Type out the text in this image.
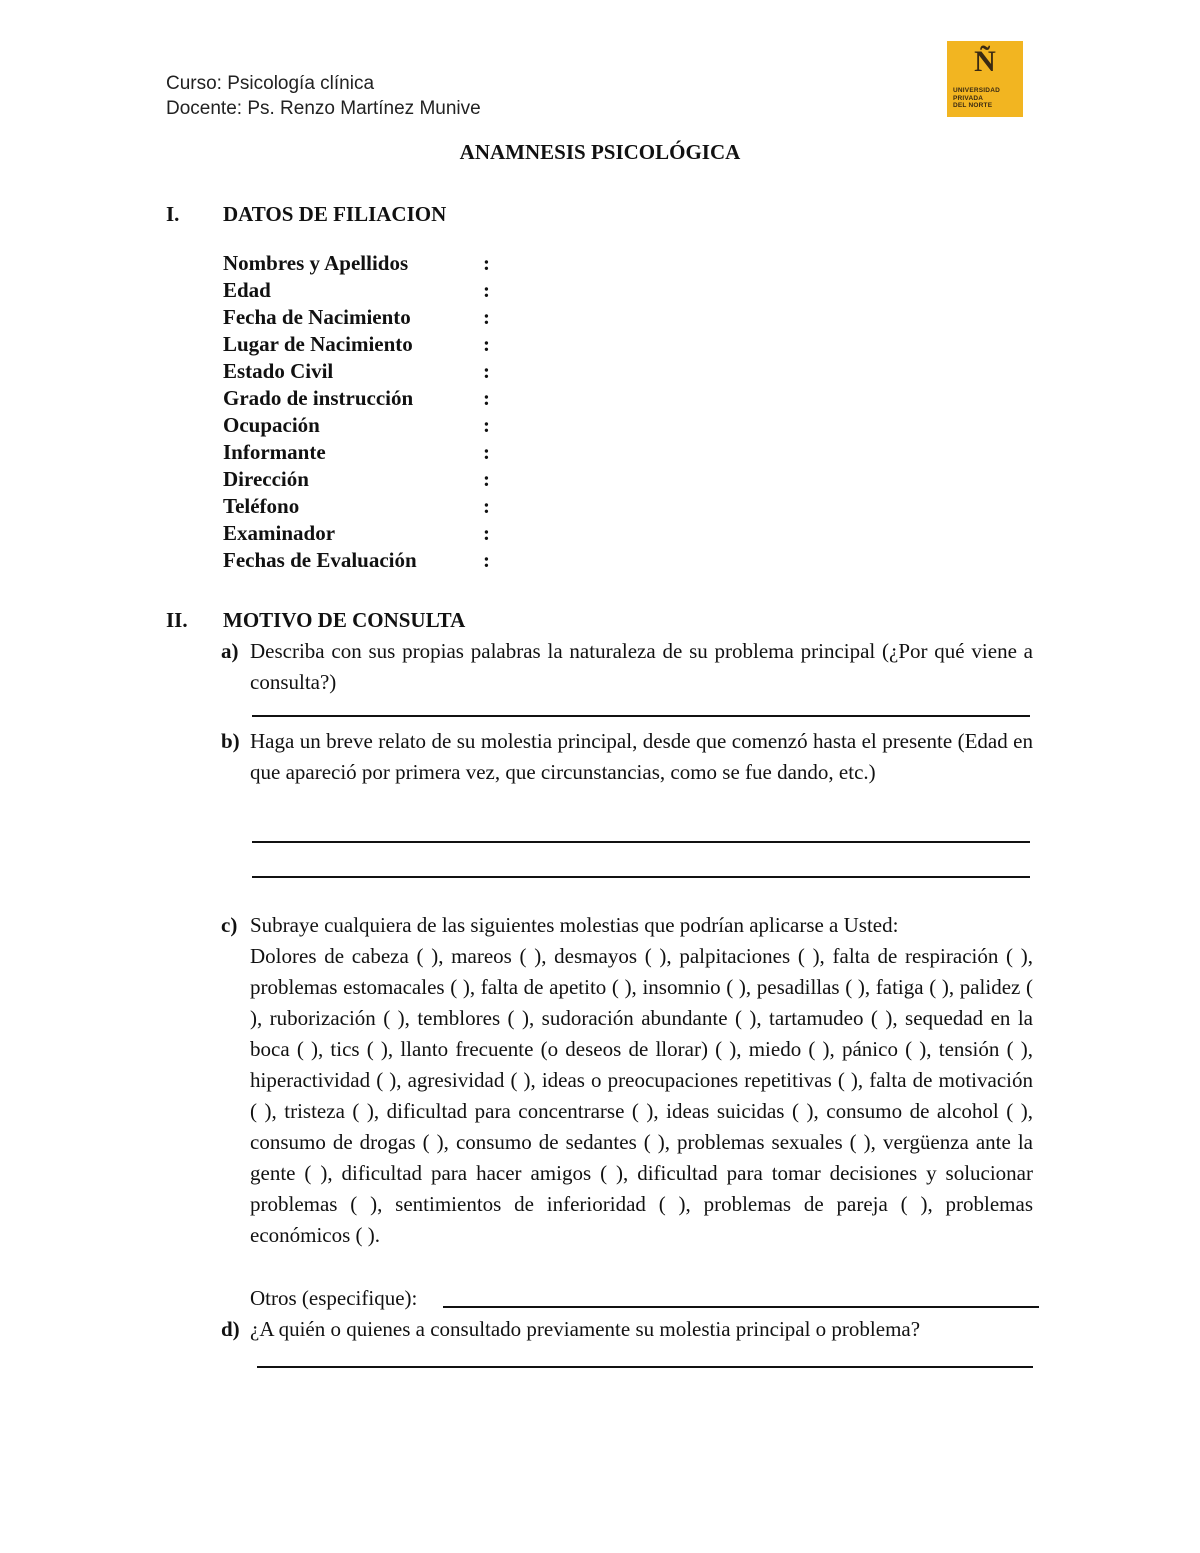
Curso: Psicología clínica
Docente: Ps. Renzo Martínez Munive
Ñ
UNIVERSIDAD
PRIVADA
DEL NORTE
ANAMNESIS PSICOLÓGICA
I. DATOS DE FILIACION
Nombres y Apellidos	:
Edad	:
Fecha de Nacimiento	:
Lugar de Nacimiento	:
Estado Civil	:
Grado de instrucción	:
Ocupación	:
Informante	:
Dirección	:
Teléfono	:
Examinador	:
Fechas de Evaluación	:
II. MOTIVO DE CONSULTA
a) Describa con sus propias palabras la naturaleza de su problema principal (¿Por qué viene a consulta?)
b) Haga un breve relato de su molestia principal, desde que comenzó hasta el presente (Edad en que apareció por primera vez, que circunstancias, como se fue dando, etc.)
c) Subraye cualquiera de las siguientes molestias que podrían aplicarse a Usted:
Dolores de cabeza ( ), mareos ( ), desmayos ( ), palpitaciones ( ), falta de respiración ( ), problemas estomacales ( ), falta de apetito ( ), insomnio ( ), pesadillas ( ), fatiga ( ), palidez ( ), ruborización ( ), temblores ( ), sudoración abundante ( ), tartamudeo ( ), sequedad en la boca ( ), tics ( ), llanto frecuente (o deseos de llorar) ( ), miedo ( ), pánico ( ), tensión ( ), hiperactividad ( ), agresividad ( ), ideas o preocupaciones repetitivas ( ), falta de motivación ( ), tristeza ( ), dificultad para concentrarse ( ), ideas suicidas ( ), consumo de alcohol ( ), consumo de drogas ( ), consumo de sedantes ( ), problemas sexuales ( ), vergüenza ante la gente ( ), dificultad para hacer amigos ( ), dificultad para tomar decisiones y solucionar problemas ( ), sentimientos de inferioridad ( ), problemas de pareja ( ), problemas económicos ( ).
Otros (especifique):
d) ¿A quién o quienes a consultado previamente su molestia principal o problema?
